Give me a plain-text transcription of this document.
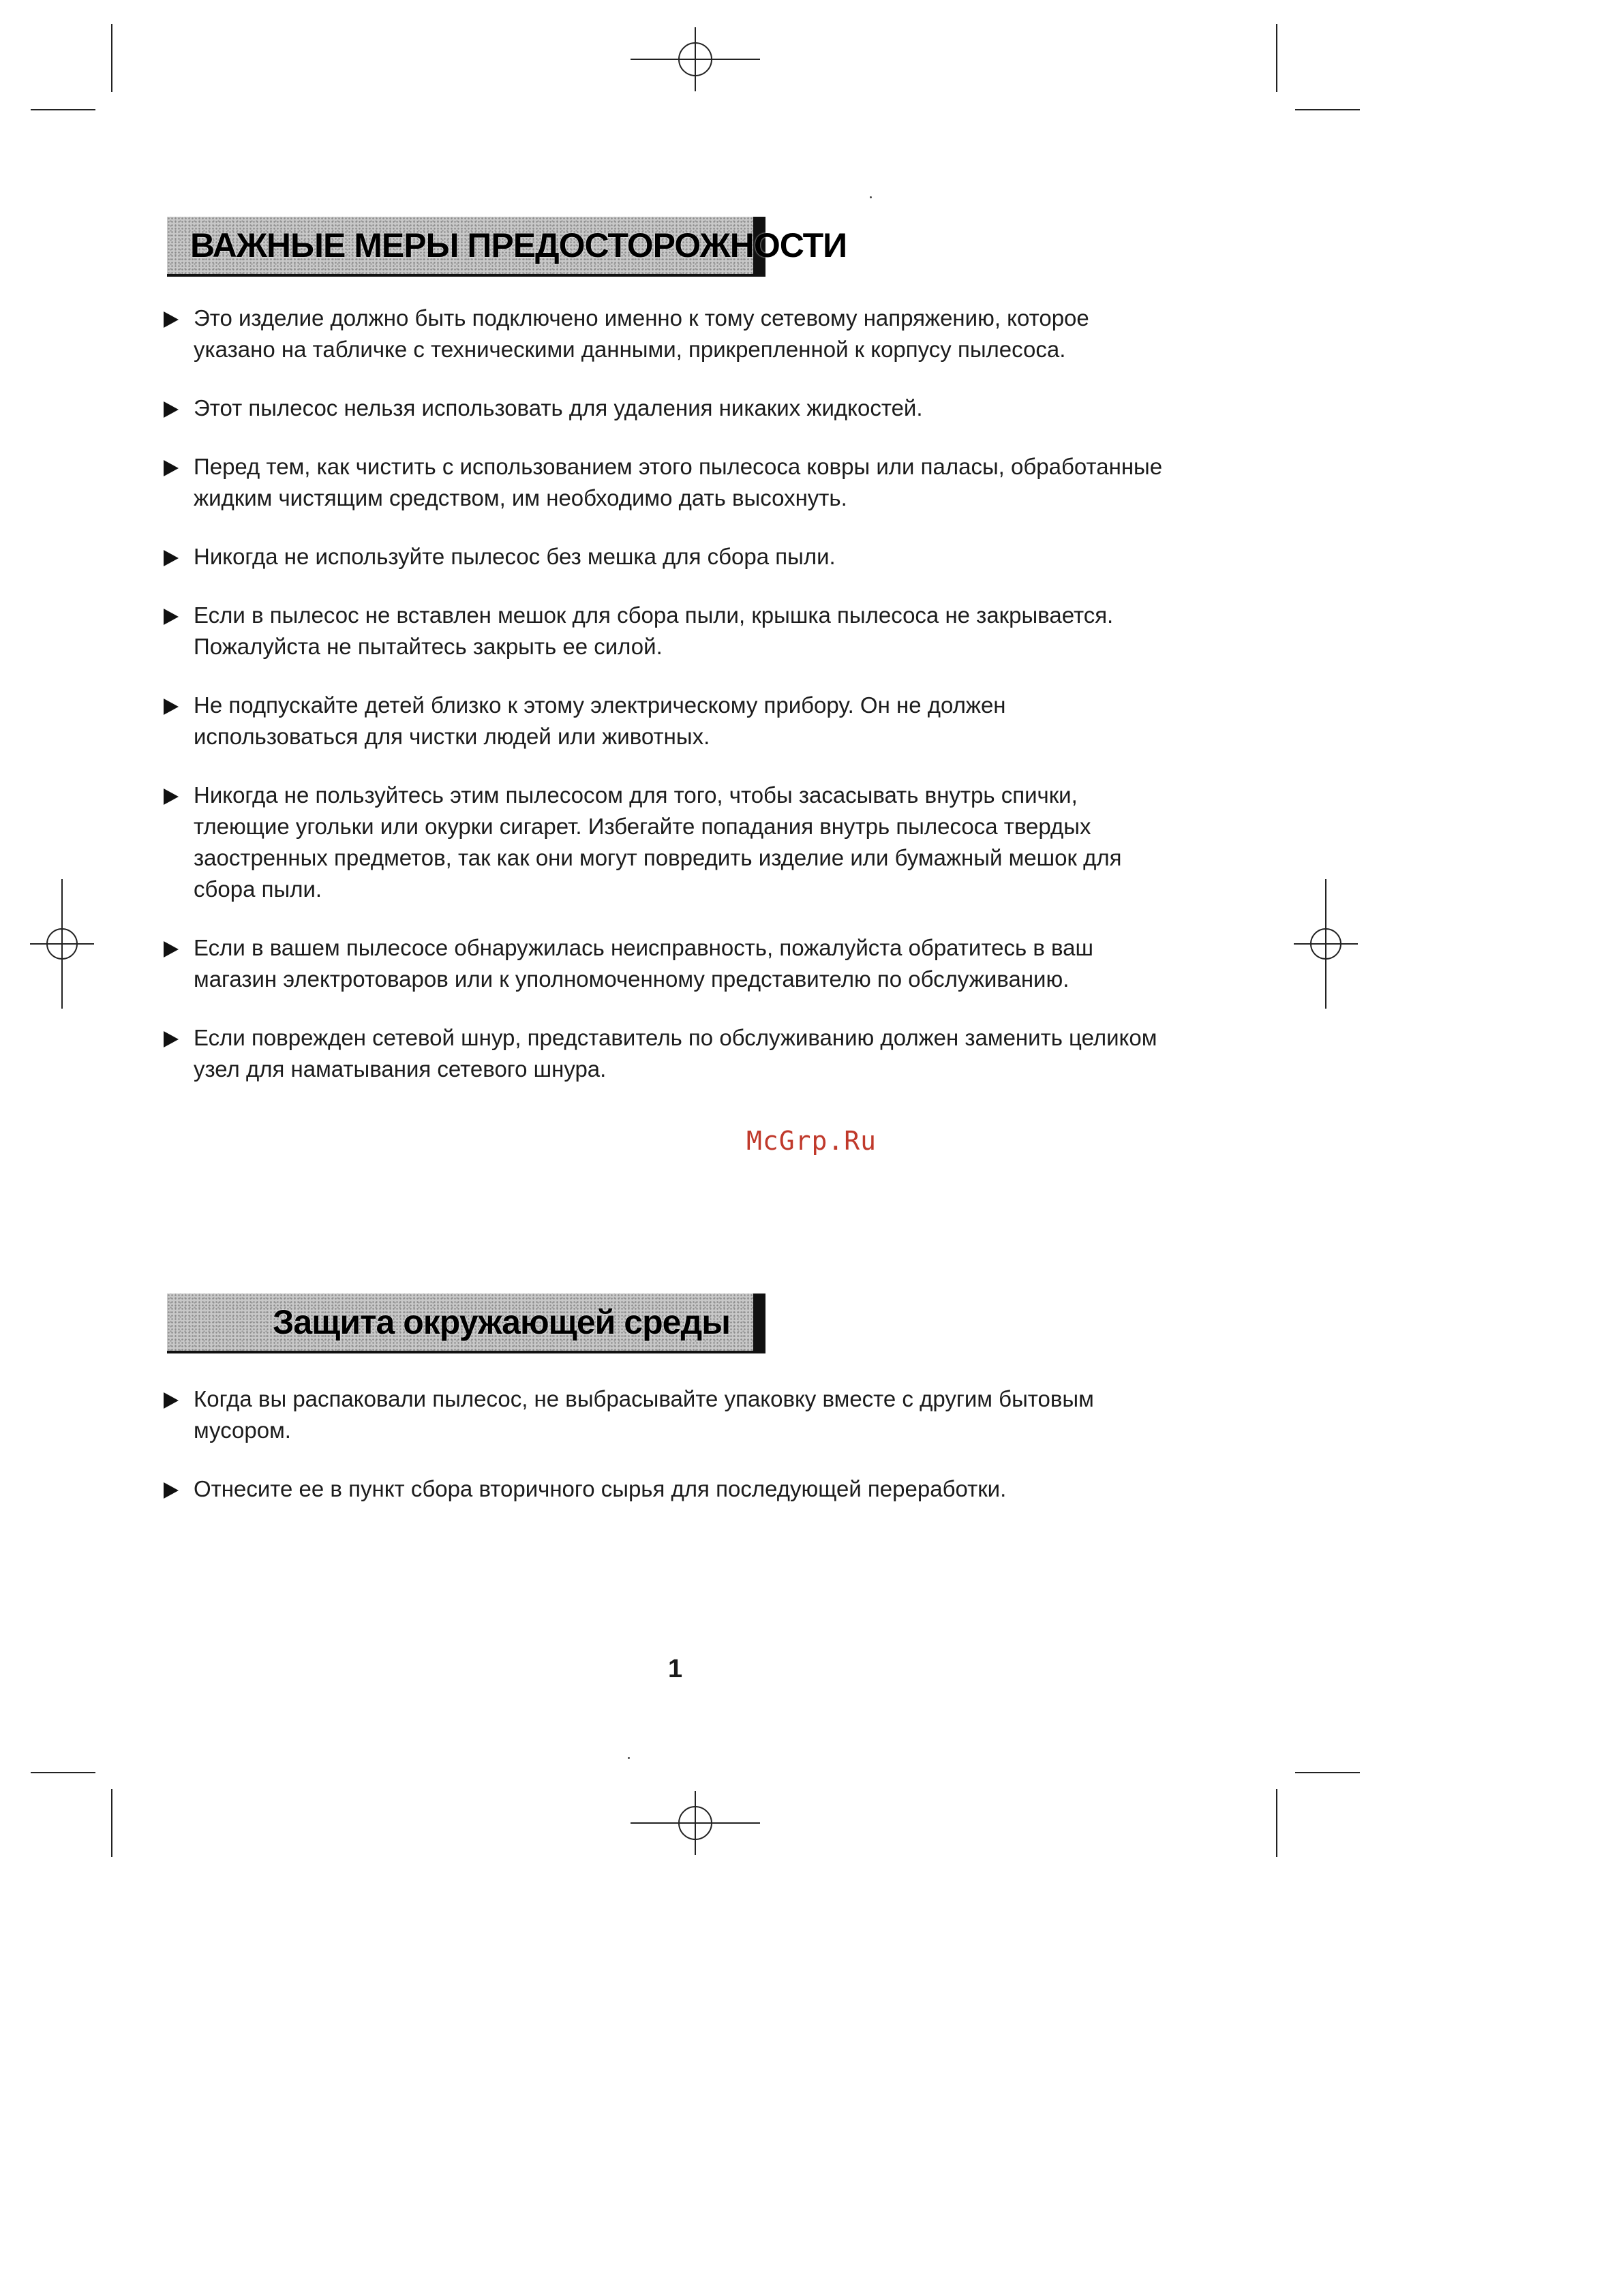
ВАЖНЫЕ МЕРЫ ПРЕДОСТОРОЖНОСТИ
Это изделие должно быть подключено именно к тому сетевому напряжению, которое указано на табличке с техническими данными, прикрепленной к корпусу пылесоса.
Этот пылесос нельзя использовать для удаления никаких жидкостей.
Перед тем, как чистить с использованием этого пылесоса ковры или паласы, обработанные жидким чистящим средством, им необходимо дать высохнуть.
Никогда не используйте пылесос без мешка для сбора пыли.
Если в пылесос не вставлен мешок для сбора пыли, крышка пылесоса не закрывается. Пожалуйста не пытайтесь закрыть ее силой.
Не подпускайте детей близко к этому электрическому прибору. Он не должен использоваться для чистки людей или животных.
Никогда не пользуйтесь этим пылесосом для того, чтобы засасывать внутрь спички, тлеющие угольки или окурки сигарет. Избегайте попадания внутрь пылесоса твердых заостренных предметов, так как они могут повредить изделие или бумажный мешок для сбора пыли.
Если в вашем пылесосе обнаружилась неисправность, пожалуйста обратитесь в ваш магазин электротоваров или к уполномоченному представителю по обслуживанию.
Если поврежден сетевой шнур, представитель по обслуживанию должен заменить целиком узел для наматывания сетевого шнура.
McGrp.Ru
Защита окружающей среды
Когда вы распаковали пылесос, не выбрасывайте упаковку вместе с другим бытовым мусором.
Отнесите ее в пункт сбора вторичного сырья для последующей переработки.
1
